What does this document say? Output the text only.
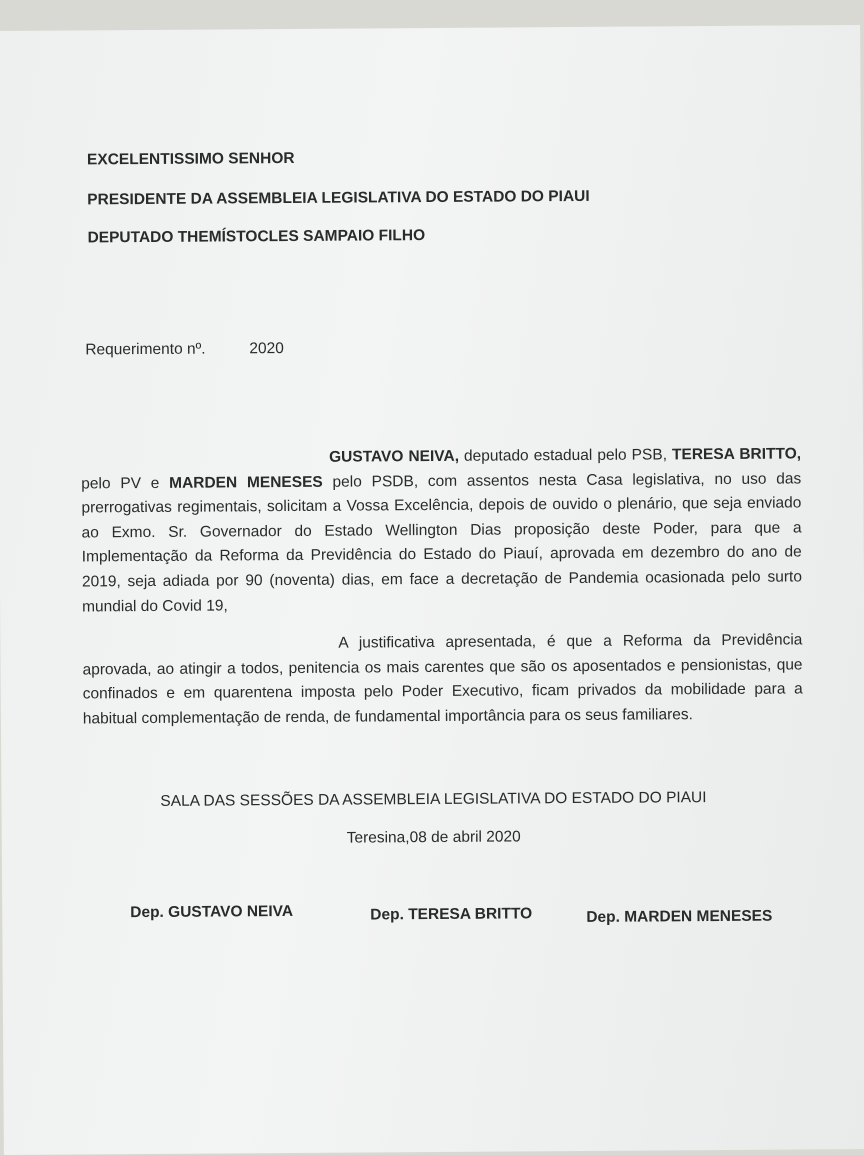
EXCELENTISSIMO SENHOR

PRESIDENTE DA ASSEMBLEIA LEGISLATIVA DO ESTADO DO PIAUI

DEPUTADO THEMÍSTOCLES SAMPAIO FILHO

Requerimento nº.	2020

GUSTAVO NEIVA, deputado estadual pelo PSB, TERESA BRITTO, pelo PV e MARDEN MENESES pelo PSDB, com assentos nesta Casa legislativa, no uso das prerrogativas regimentais, solicitam a Vossa Excelência, depois de ouvido o plenário, que seja enviado ao Exmo. Sr. Governador do Estado Wellington Dias proposição deste Poder, para que a Implementação da Reforma da Previdência do Estado do Piauí, aprovada em dezembro do ano de 2019, seja adiada por 90 (noventa) dias, em face a decretação de Pandemia ocasionada pelo surto mundial do Covid 19,

A justificativa apresentada, é que a Reforma da Previdência aprovada, ao atingir a todos, penitencia os mais carentes que são os aposentados e pensionistas, que confinados e em quarentena imposta pelo Poder Executivo, ficam privados da mobilidade para a habitual complementação de renda, de fundamental importância para os seus familiares.

SALA DAS SESSÕES DA ASSEMBLEIA LEGISLATIVA DO ESTADO DO PIAUI

Teresina,08 de abril 2020

Dep. GUSTAVO NEIVA	Dep. TERESA BRITTO	Dep. MARDEN MENESES
